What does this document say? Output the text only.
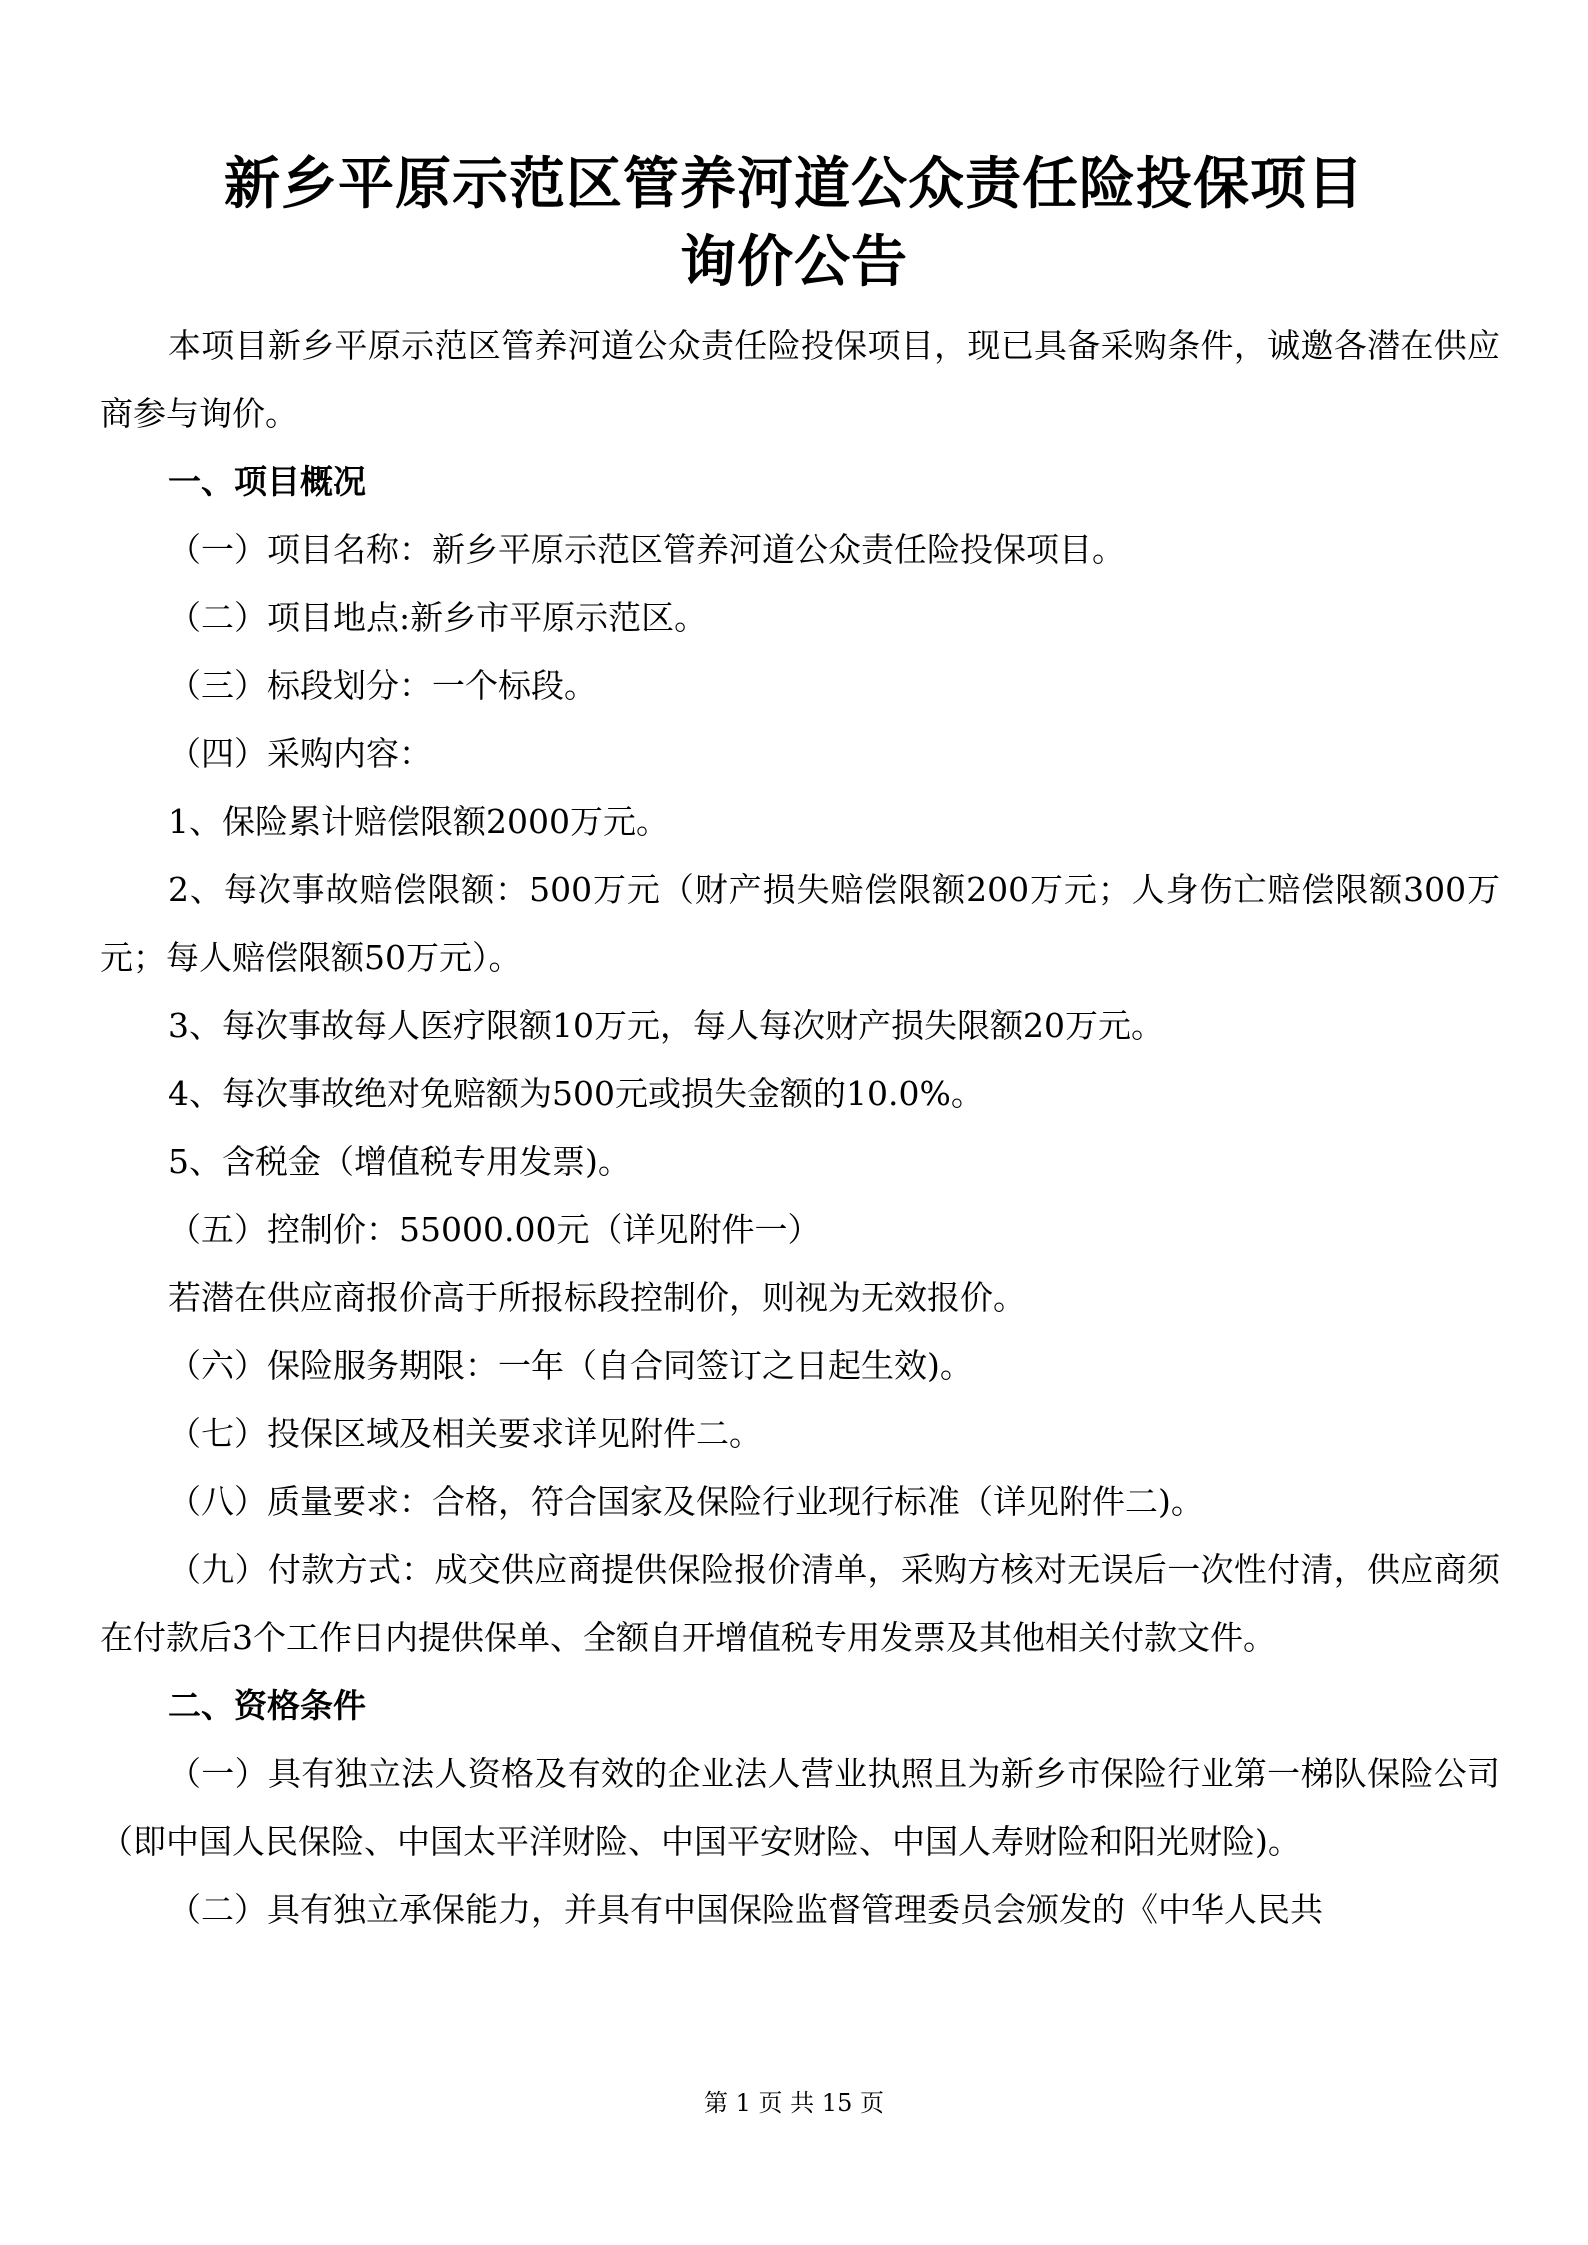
新乡平原示范区管养河道公众责任险投保项目
询价公告

本项目新乡平原示范区管养河道公众责任险投保项目，现已具备采购条件，诚邀各潜在供应商参与询价。

一、项目概况

（一）项目名称：新乡平原示范区管养河道公众责任险投保项目。

（二）项目地点:新乡市平原示范区。

（三）标段划分：一个标段。

（四）采购内容：

1、保险累计赔偿限额2000万元。

2、每次事故赔偿限额：500万元（财产损失赔偿限额200万元；人身伤亡赔偿限额300万元；每人赔偿限额50万元）。

3、每次事故每人医疗限额10万元，每人每次财产损失限额20万元。

4、每次事故绝对免赔额为500元或损失金额的10.0%。

5、含税金（增值税专用发票)。

（五）控制价：55000.00元（详见附件一）

若潜在供应商报价高于所报标段控制价，则视为无效报价。

（六）保险服务期限：一年（自合同签订之日起生效)。

（七）投保区域及相关要求详见附件二。

（八）质量要求：合格，符合国家及保险行业现行标准（详见附件二)。

（九）付款方式：成交供应商提供保险报价清单，采购方核对无误后一次性付清，供应商须在付款后3个工作日内提供保单、全额自开增值税专用发票及其他相关付款文件。

二、资格条件

（一）具有独立法人资格及有效的企业法人营业执照且为新乡市保险行业第一梯队保险公司（即中国人民保险、中国太平洋财险、中国平安财险、中国人寿财险和阳光财险)。

（二）具有独立承保能力，并具有中国保险监督管理委员会颁发的《中华人民共

第 1 页 共 15 页
